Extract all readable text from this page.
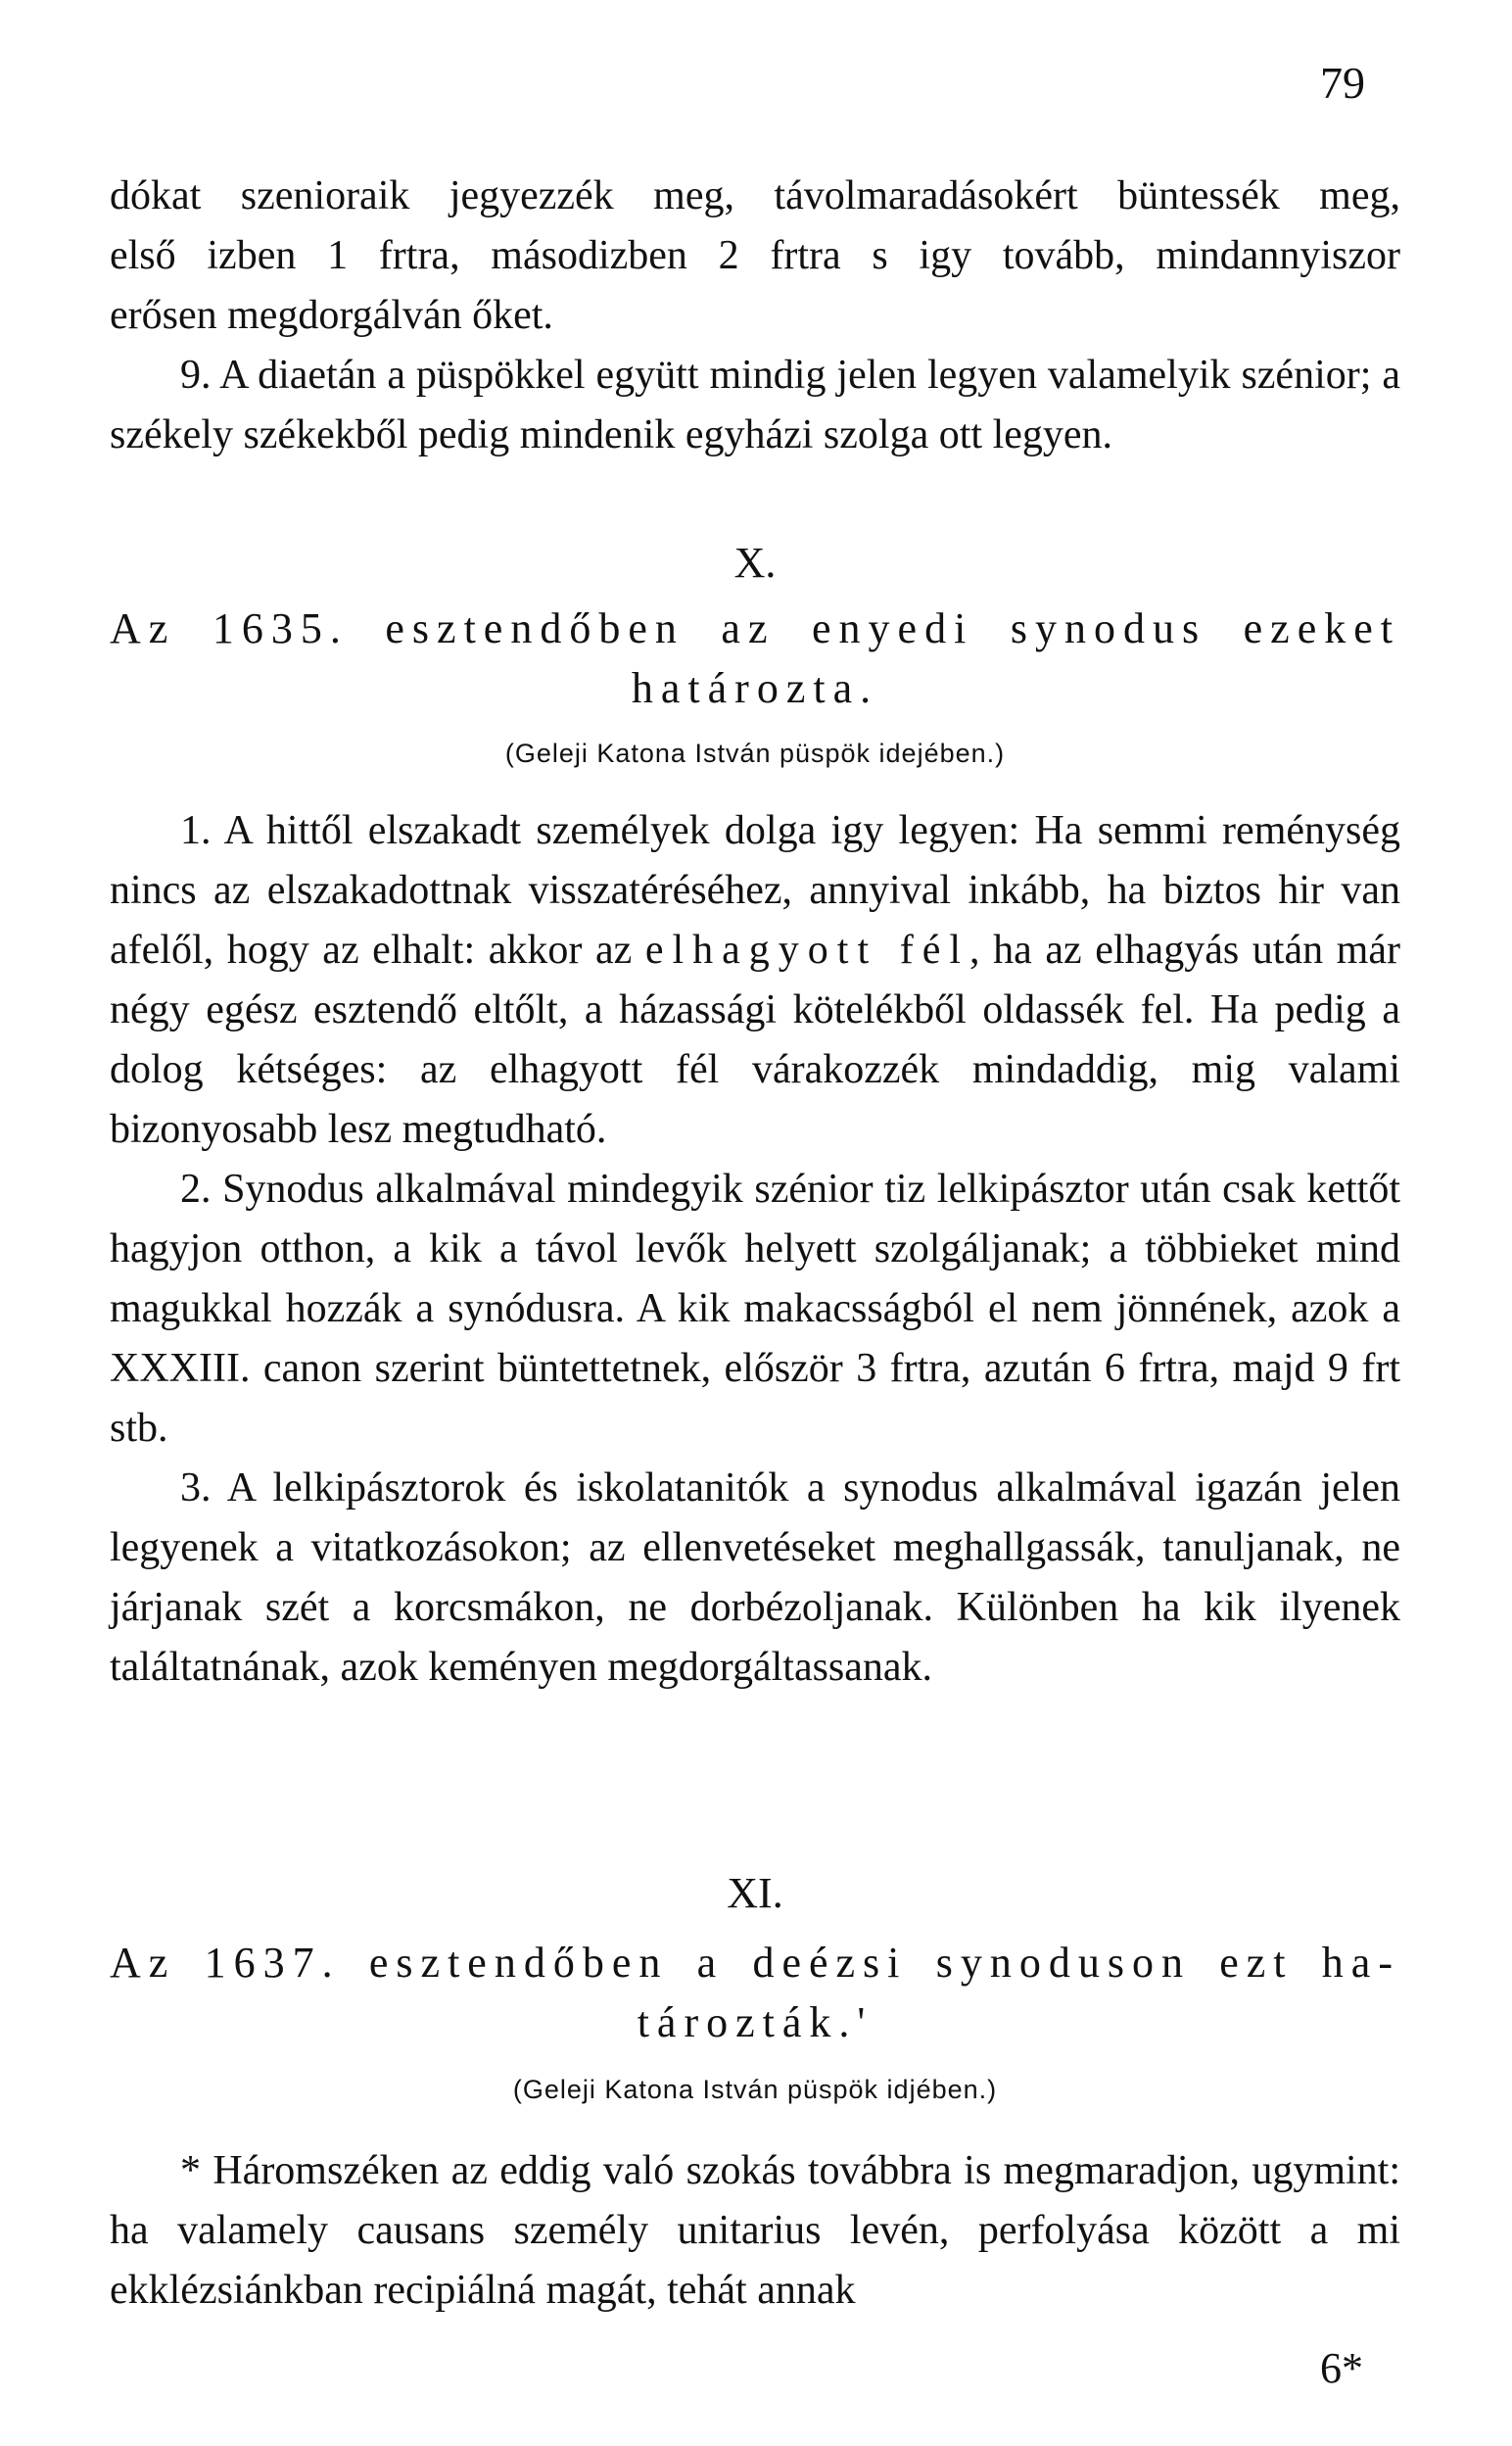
79

dókat szenioraik jegyezzék meg, távolmaradásokért büntessék meg,

első izben 1 frtra, másodizben 2 frtra s igy tovább, mindannyiszor

erősen megdorgálván őket.

9. A diaetán a püspökkel együtt mindig jelen legyen valamelyik szénior; a székely székekből pedig mindenik egyházi szolga ott legyen.

X.

Az 1635. esztendőben az enyedi synodus ezeket

határozta.

(Geleji Katona István püspök idejében.)

1. A hittől elszakadt személyek dolga igy legyen: Ha semmi reménység nincs az elszakadottnak visszatéréséhez, annyival inkább, ha biztos hir van afelől, hogy az elhalt: akkor az elhagyott fél, ha az elhagyás után már négy egész esztendő eltőlt, a házassági kötelékből oldassék fel. Ha pedig a dolog kétséges: az elhagyott fél várakozzék mindaddig, mig valami bizonyosabb lesz megtudható.

2. Synodus alkalmával mindegyik szénior tiz lelkipásztor után csak kettőt hagyjon otthon, a kik a távol levők helyett szolgáljanak; a többieket mind magukkal hozzák a synódusra. A kik makacsságból el nem jönnének, azok a XXXIII. canon szerint büntettetnek, először 3 frtra, azután 6 frtra, majd 9 frt stb.

3. A lelkipásztorok és iskolatanitók a synodus alkalmával igazán jelen legyenek a vitatkozásokon; az ellenvetéseket meghallgassák, tanuljanak, ne járjanak szét a korcsmákon, ne dorbézoljanak. Különben ha kik ilyenek találtatnának, azok keményen megdorgáltassanak.

XI.

Az 1637. esztendőben a deézsi synoduson ezt ha-

tározták.'

(Geleji Katona István püspök idjében.)

* Háromszéken az eddig való szokás továbbra is megmaradjon, ugymint: ha valamely causans személy unitarius levén, perfolyása között a mi ekklézsiánkban recipiálná magát, tehát annak

6*
